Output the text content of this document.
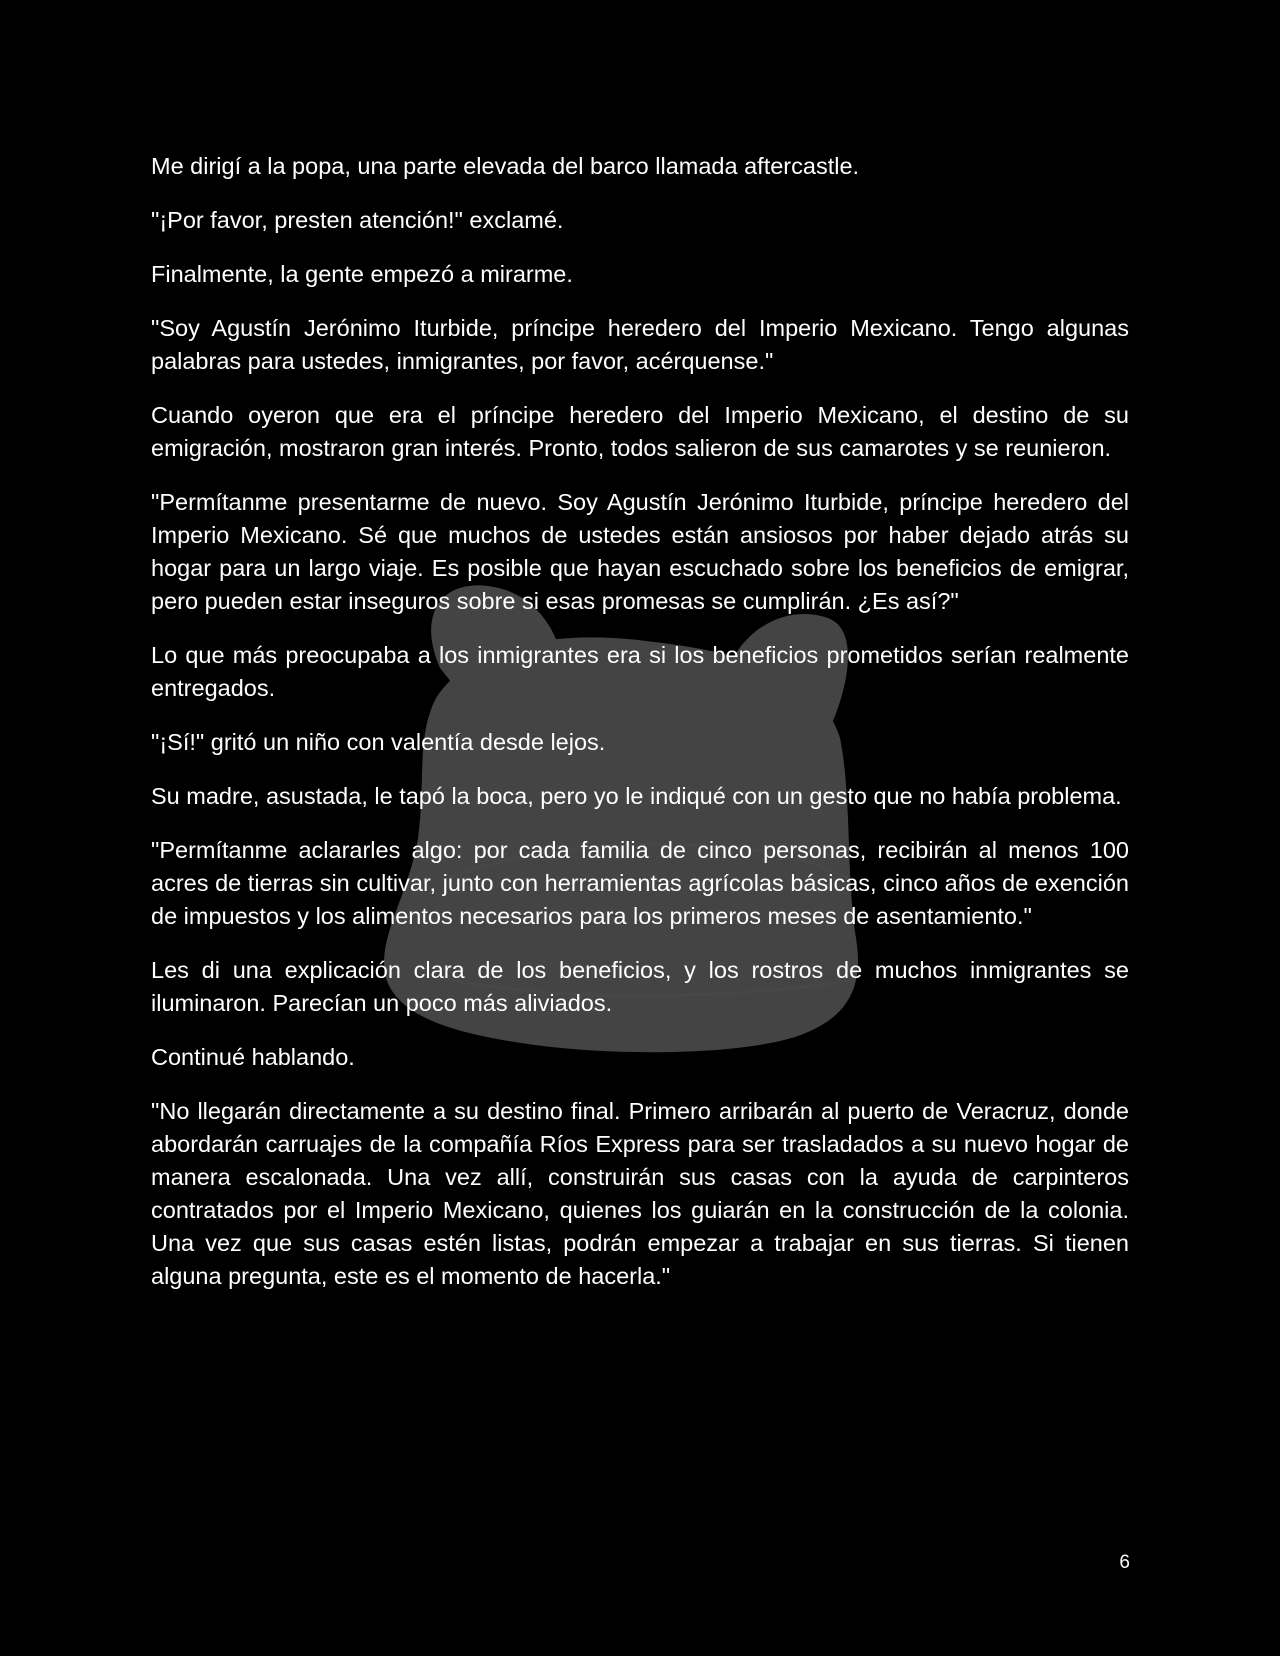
Me dirigí a la popa, una parte elevada del barco llamada aftercastle.

"¡Por favor, presten atención!" exclamé.

Finalmente, la gente empezó a mirarme.

"Soy Agustín Jerónimo Iturbide, príncipe heredero del Imperio Mexicano. Tengo algunas palabras para ustedes, inmigrantes, por favor, acérquense."

Cuando oyeron que era el príncipe heredero del Imperio Mexicano, el destino de su emigración, mostraron gran interés. Pronto, todos salieron de sus camarotes y se reunieron.

"Permítanme presentarme de nuevo. Soy Agustín Jerónimo Iturbide, príncipe heredero del Imperio Mexicano. Sé que muchos de ustedes están ansiosos por haber dejado atrás su hogar para un largo viaje. Es posible que hayan escuchado sobre los beneficios de emigrar, pero pueden estar inseguros sobre si esas promesas se cumplirán. ¿Es así?"

Lo que más preocupaba a los inmigrantes era si los beneficios prometidos serían realmente entregados.

"¡Sí!" gritó un niño con valentía desde lejos.

Su madre, asustada, le tapó la boca, pero yo le indiqué con un gesto que no había problema.

"Permítanme aclararles algo: por cada familia de cinco personas, recibirán al menos 100 acres de tierras sin cultivar, junto con herramientas agrícolas básicas, cinco años de exención de impuestos y los alimentos necesarios para los primeros meses de asentamiento."

Les di una explicación clara de los beneficios, y los rostros de muchos inmigrantes se iluminaron. Parecían un poco más aliviados.

Continué hablando.

"No llegarán directamente a su destino final. Primero arribarán al puerto de Veracruz, donde abordarán carruajes de la compañía Ríos Express para ser trasladados a su nuevo hogar de manera escalonada. Una vez allí, construirán sus casas con la ayuda de carpinteros contratados por el Imperio Mexicano, quienes los guiarán en la construcción de la colonia. Una vez que sus casas estén listas, podrán empezar a trabajar en sus tierras. Si tienen alguna pregunta, este es el momento de hacerla."

6
